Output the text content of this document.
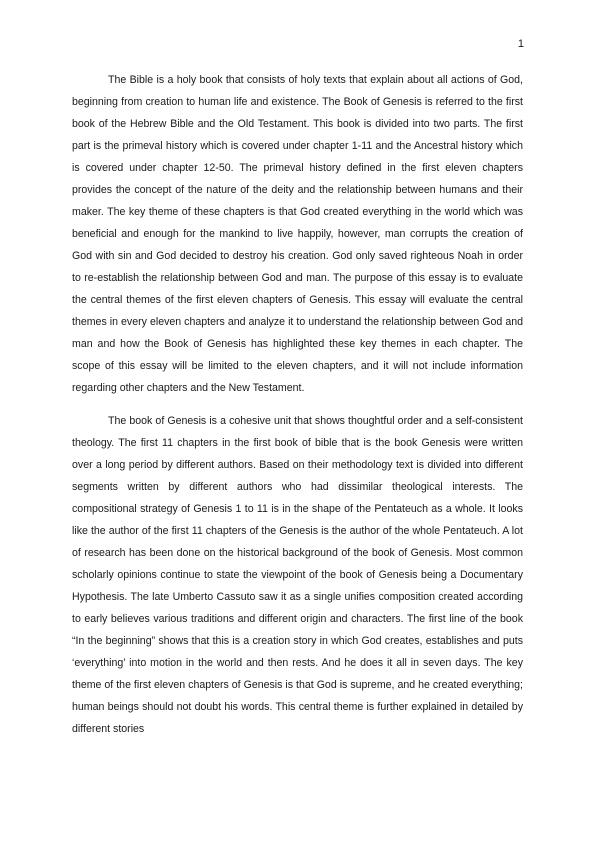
1

The Bible is a holy book that consists of holy texts that explain about all actions of God, beginning from creation to human life and existence. The Book of Genesis is referred to the first book of the Hebrew Bible and the Old Testament. This book is divided into two parts. The first part is the primeval history which is covered under chapter 1-11 and the Ancestral history which is covered under chapter 12-50. The primeval history defined in the first eleven chapters provides the concept of the nature of the deity and the relationship between humans and their maker. The key theme of these chapters is that God created everything in the world which was beneficial and enough for the mankind to live happily, however, man corrupts the creation of God with sin and God decided to destroy his creation. God only saved righteous Noah in order to re-establish the relationship between God and man. The purpose of this essay is to evaluate the central themes of the first eleven chapters of Genesis. This essay will evaluate the central themes in every eleven chapters and analyze it to understand the relationship between God and man and how the Book of Genesis has highlighted these key themes in each chapter. The scope of this essay will be limited to the eleven chapters, and it will not include information regarding other chapters and the New Testament.

The book of Genesis is a cohesive unit that shows thoughtful order and a self-consistent theology. The first 11 chapters in the first book of bible that is the book Genesis were written over a long period by different authors. Based on their methodology text is divided into different segments written by different authors who had dissimilar theological interests. The compositional strategy of Genesis 1 to 11 is in the shape of the Pentateuch as a whole. It looks like the author of the first 11 chapters of the Genesis is the author of the whole Pentateuch. A lot of research has been done on the historical background of the book of Genesis. Most common scholarly opinions continue to state the viewpoint of the book of Genesis being a Documentary Hypothesis. The late Umberto Cassuto saw it as a single unifies composition created according to early believes various traditions and different origin and characters. The first line of the book “In the beginning” shows that this is a creation story in which God creates, establishes and puts ‘everything’ into motion in the world and then rests. And he does it all in seven days. The key theme of the first eleven chapters of Genesis is that God is supreme, and he created everything; human beings should not doubt his words. This central theme is further explained in detailed by different stories
